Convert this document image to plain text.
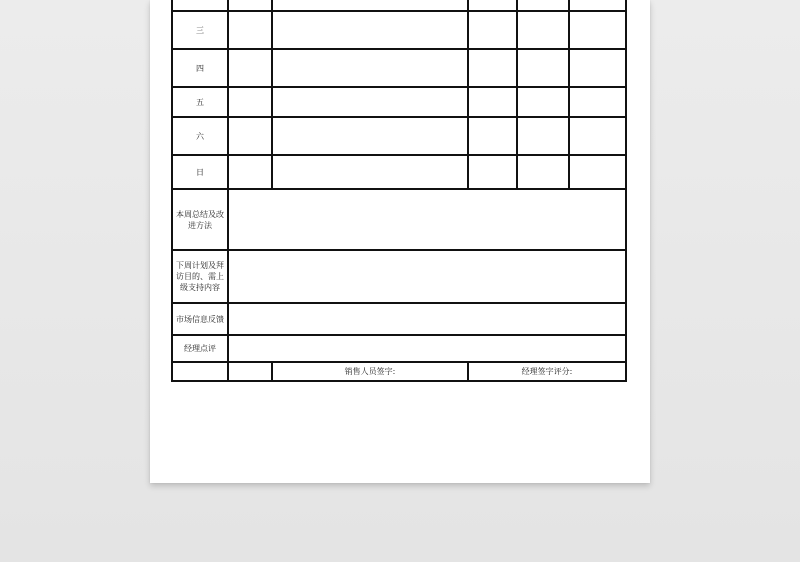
三					
四					
五					
六					
日					
本周总结及改进方法					
下周计划及拜访目的、需上级支持内容					
市场信息反馈					
经理点评					
		销售人员签字:	经理签字评分:		
